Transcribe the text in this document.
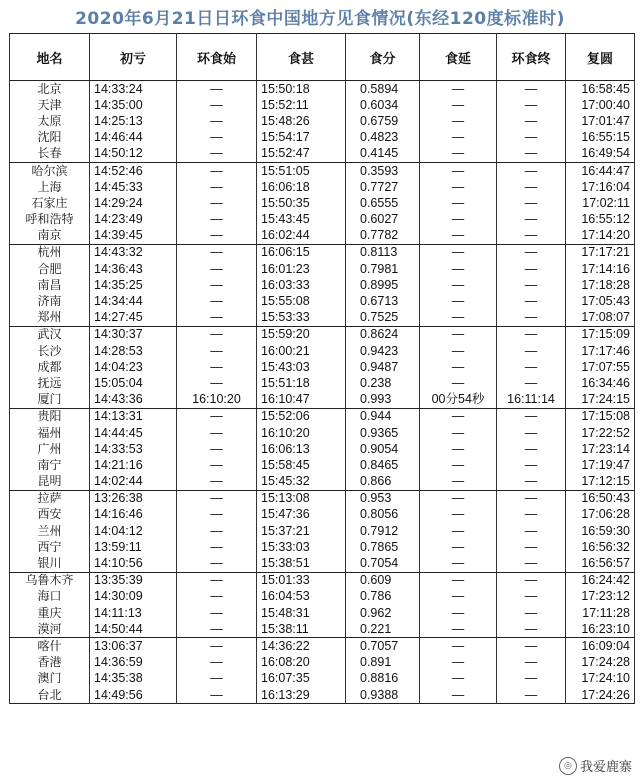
2020年6月21日日环食中国地方见食情况(东经120度标准时)
地名	初亏	环食始	食甚	食分	食延	环食终	复圆
北京	14:33:24	—	15:50:18	0.5894	—	—	16:58:45
天津	14:35:00	—	15:52:11	0.6034	—	—	17:00:40
太原	14:25:13	—	15:48:26	0.6759	—	—	17:01:47
沈阳	14:46:44	—	15:54:17	0.4823	—	—	16:55:15
长春	14:50:12	—	15:52:47	0.4145	—	—	16:49:54
哈尔滨	14:52:46	—	15:51:05	0.3593	—	—	16:44:47
上海	14:45:33	—	16:06:18	0.7727	—	—	17:16:04
石家庄	14:29:24	—	15:50:35	0.6555	—	—	17:02:11
呼和浩特	14:23:49	—	15:43:45	0.6027	—	—	16:55:12
南京	14:39:45	—	16:02:44	0.7782	—	—	17:14:20
杭州	14:43:32	—	16:06:15	0.8113	—	—	17:17:21
合肥	14:36:43	—	16:01:23	0.7981	—	—	17:14:16
南昌	14:35:25	—	16:03:33	0.8995	—	—	17:18:28
济南	14:34:44	—	15:55:08	0.6713	—	—	17:05:43
郑州	14:27:45	—	15:53:33	0.7525	—	—	17:08:07
武汉	14:30:37	—	15:59:20	0.8624	—	—	17:15:09
长沙	14:28:53	—	16:00:21	0.9423	—	—	17:17:46
成都	14:04:23	—	15:43:03	0.9487	—	—	17:07:55
抚远	15:05:04	—	15:51:18	0.238	—	—	16:34:46
厦门	14:43:36	16:10:20	16:10:47	0.993	00分54秒	16:11:14	17:24:15
贵阳	14:13:31	—	15:52:06	0.944	—	—	17:15:08
福州	14:44:45	—	16:10:20	0.9365	—	—	17:22:52
广州	14:33:53	—	16:06:13	0.9054	—	—	17:23:14
南宁	14:21:16	—	15:58:45	0.8465	—	—	17:19:47
昆明	14:02:44	—	15:45:32	0.866	—	—	17:12:15
拉萨	13:26:38	—	15:13:08	0.953	—	—	16:50:43
西安	14:16:46	—	15:47:36	0.8056	—	—	17:06:28
兰州	14:04:12	—	15:37:21	0.7912	—	—	16:59:30
西宁	13:59:11	—	15:33:03	0.7865	—	—	16:56:32
银川	14:10:56	—	15:38:51	0.7054	—	—	16:56:57
乌鲁木齐	13:35:39	—	15:01:33	0.609	—	—	16:24:42
海口	14:30:09	—	16:04:53	0.786	—	—	17:23:12
重庆	14:11:13	—	15:48:31	0.962	—	—	17:11:28
漠河	14:50:44	—	15:38:11	0.221	—	—	16:23:10
喀什	13:06:37	—	14:36:22	0.7057	—	—	16:09:04
香港	14:36:59	—	16:08:20	0.891	—	—	17:24:28
澳门	14:35:38	—	16:07:35	0.8816	—	—	17:24:10
台北	14:49:56	—	16:13:29	0.9388	—	—	17:24:26
◎ 我爱鹿寨
